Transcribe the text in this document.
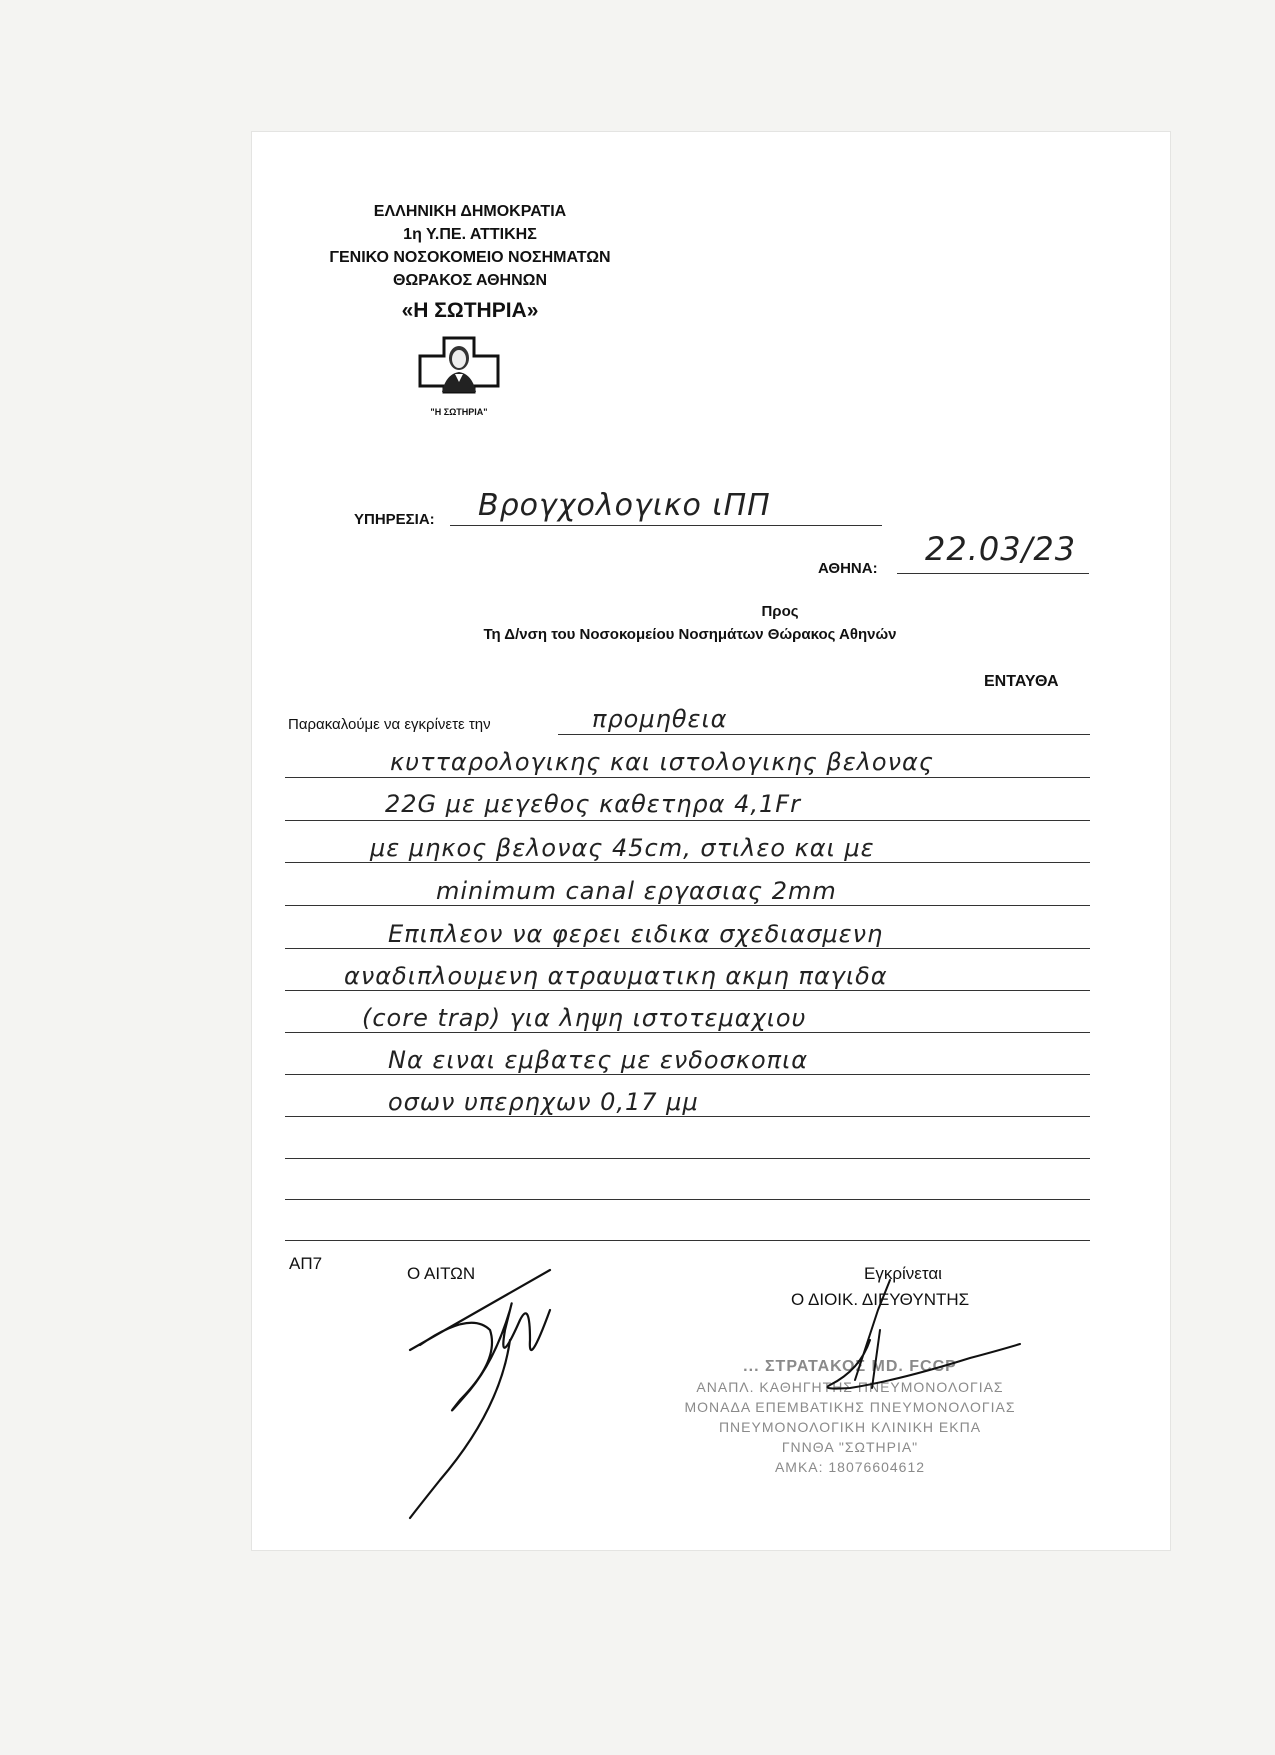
ΕΛΛΗΝΙΚΗ ΔΗΜΟΚΡΑΤΙΑ
1η Υ.ΠΕ. ΑΤΤΙΚΗΣ
ΓΕΝΙΚΟ ΝΟΣΟΚΟΜΕΙΟ ΝΟΣΗΜΑΤΩΝ
ΘΩΡΑΚΟΣ ΑΘΗΝΩΝ
«Η ΣΩΤΗΡΙΑ»
"Η ΣΩΤΗΡΙΑ"
ΥΠΗΡΕΣΙΑ: Βρογχολογικο ιΠΠ
ΑΘΗΝΑ:
22.03/23
Προς
Τη Δ/νση του Νοσοκομείου Νοσημάτων Θώρακος Αθηνών
ΕΝΤΑΥΘΑ
Παρακαλούμε να εγκρίνετε την	προμηθεια
κυτταρολογικης και ιστολογικης βελονας
22G με μεγεθος καθετηρα 4,1Fr
με μηκος βελονας 45cm, στιλεο και με
minimum canal εργασιας 2mm
Επιπλεον να φερει ειδικα σχεδιασμενη
αναδιπλουμενη ατραυματικη ακμη παγιδα
(core trap) για ληψη ιστοτεμαχιου
Να ειναι εμβατες με ενδοσκοπια
οσων υπερηχων 0,17 μμ
ΑΠ7
Ο ΑΙΤΩΝ	Εγκρίνεται
Ο ΔΙΟΙΚ. ΔΙΕΥΘΥΝΤΗΣ
... ΣΤΡΑΤΑΚΟΣ MD. FCCP
ΑΝΑΠΛ. ΚΑΘΗΓΗΤΗΣ ΠΝΕΥΜΟΝΟΛΟΓΙΑΣ
ΜΟΝΑΔΑ ΕΠΕΜΒΑΤΙΚΗΣ ΠΝΕΥΜΟΝΟΛΟΓΙΑΣ
ΠΝΕΥΜΟΝΟΛΟΓΙΚΗ ΚΛΙΝΙΚΗ ΕΚΠΑ
ΓΝΝΘΑ "ΣΩΤΗΡΙΑ"
ΑΜΚΑ: 18076604612
